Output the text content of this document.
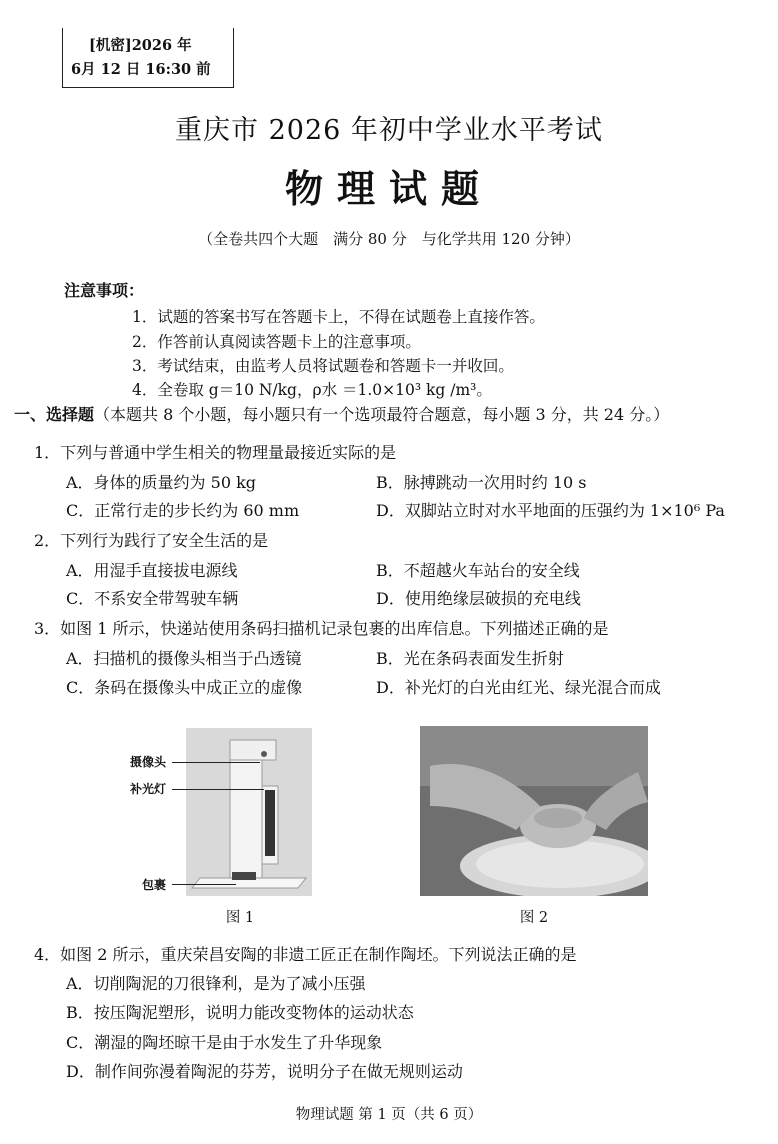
[机密]2026 年
6月 12 日 16:30 前
重庆市 2026 年初中学业水平考试
物理试题
（全卷共四个大题　满分 80 分　与化学共用 120 分钟）
注意事项：
1．试题的答案书写在答题卡上，不得在试题卷上直接作答。
2．作答前认真阅读答题卡上的注意事项。
3．考试结束，由监考人员将试题卷和答题卡一并收回。
4．全卷取 g＝10 N/kg，ρ水 ＝1.0×10³ kg /m³。
一、选择题（本题共 8 个小题，每小题只有一个选项最符合题意，每小题 3 分，共 24 分。）
1．下列与普通中学生相关的物理量最接近实际的是
A．身体的质量约为 50 kg	B．脉搏跳动一次用时约 10 s
C．正常行走的步长约为 60 mm	D．双脚站立时对水平地面的压强约为 1×10⁶ Pa
2．下列行为践行了安全生活的是
A．用湿手直接拔电源线	B．不超越火车站台的安全线
C．不系安全带驾驶车辆	D．使用绝缘层破损的充电线
3．如图 1 所示，快递站使用条码扫描机记录包裹的出库信息。下列描述正确的是
A．扫描机的摄像头相当于凸透镜	B．光在条码表面发生折射
C．条码在摄像头中成正立的虚像	D．补光灯的白光由红光、绿光混合而成
摄像头
补光灯
包裹
图 1	图 2
4．如图 2 所示，重庆荣昌安陶的非遗工匠正在制作陶坯。下列说法正确的是
A．切削陶泥的刀很锋利，是为了减小压强
B．按压陶泥塑形，说明力能改变物体的运动状态
C．潮湿的陶坯晾干是由于水发生了升华现象
D．制作间弥漫着陶泥的芬芳，说明分子在做无规则运动
物理试题 第 1 页（共 6 页）
